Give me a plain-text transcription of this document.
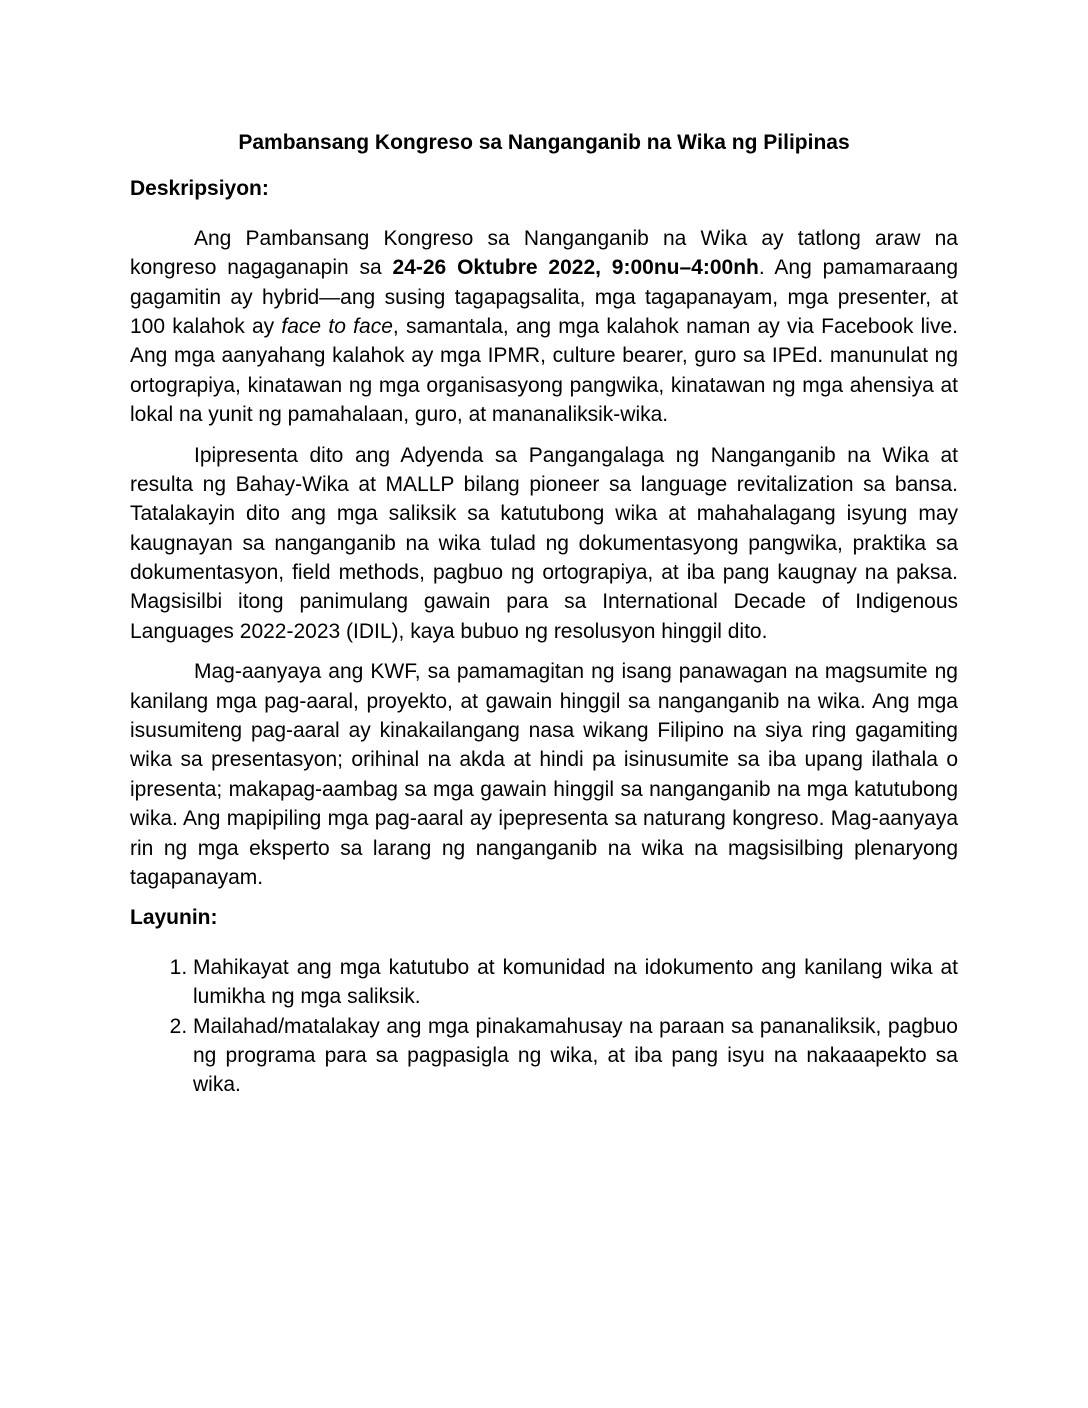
Pambansang Kongreso sa Nanganganib na Wika ng Pilipinas
Deskripsiyon:

Ang Pambansang Kongreso sa Nanganganib na Wika ay tatlong araw na kongreso nagaganapin sa 24-26 Oktubre 2022, 9:00nu–4:00nh. Ang pamamaraang gagamitin ay hybrid—ang susing tagapagsalita, mga tagapanayam, mga presenter, at 100 kalahok ay face to face, samantala, ang mga kalahok naman ay via Facebook live. Ang mga aanyahang kalahok ay mga IPMR, culture bearer, guro sa IPEd. manunulat ng ortograpiya, kinatawan ng mga organisasyong pangwika, kinatawan ng mga ahensiya at lokal na yunit ng pamahalaan, guro, at mananaliksik-wika.

Ipipresenta dito ang Adyenda sa Pangangalaga ng Nanganganib na Wika at resulta ng Bahay-Wika at MALLP bilang pioneer sa language revitalization sa bansa. Tatalakayin dito ang mga saliksik sa katutubong wika at mahahalagang isyung may kaugnayan sa nanganganib na wika tulad ng dokumentasyong pangwika, praktika sa dokumentasyon, field methods, pagbuo ng ortograpiya, at iba pang kaugnay na paksa. Magsisilbi itong panimulang gawain para sa International Decade of Indigenous Languages 2022-2023 (IDIL), kaya bubuo ng resolusyon hinggil dito.

Mag-aanyaya ang KWF, sa pamamagitan ng isang panawagan na magsumite ng kanilang mga pag-aaral, proyekto, at gawain hinggil sa nanganganib na wika. Ang mga isusumiteng pag-aaral ay kinakailangang nasa wikang Filipino na siya ring gagamiting wika sa presentasyon; orihinal na akda at hindi pa isinusumite sa iba upang ilathala o ipresenta; makapag-aambag sa mga gawain hinggil sa nanganganib na mga katutubong wika. Ang mapipiling mga pag-aaral ay ipepresenta sa naturang kongreso. Mag-aanyaya rin ng mga eksperto sa larang ng nanganganib na wika na magsisilbing plenaryong tagapanayam.

Layunin:
1. Mahikayat ang mga katutubo at komunidad na idokumento ang kanilang wika at lumikha ng mga saliksik.
2. Mailahad/matalakay ang mga pinakamahusay na paraan sa pananaliksik, pagbuo ng programa para sa pagpasigla ng wika, at iba pang isyu na nakaaapekto sa wika.
